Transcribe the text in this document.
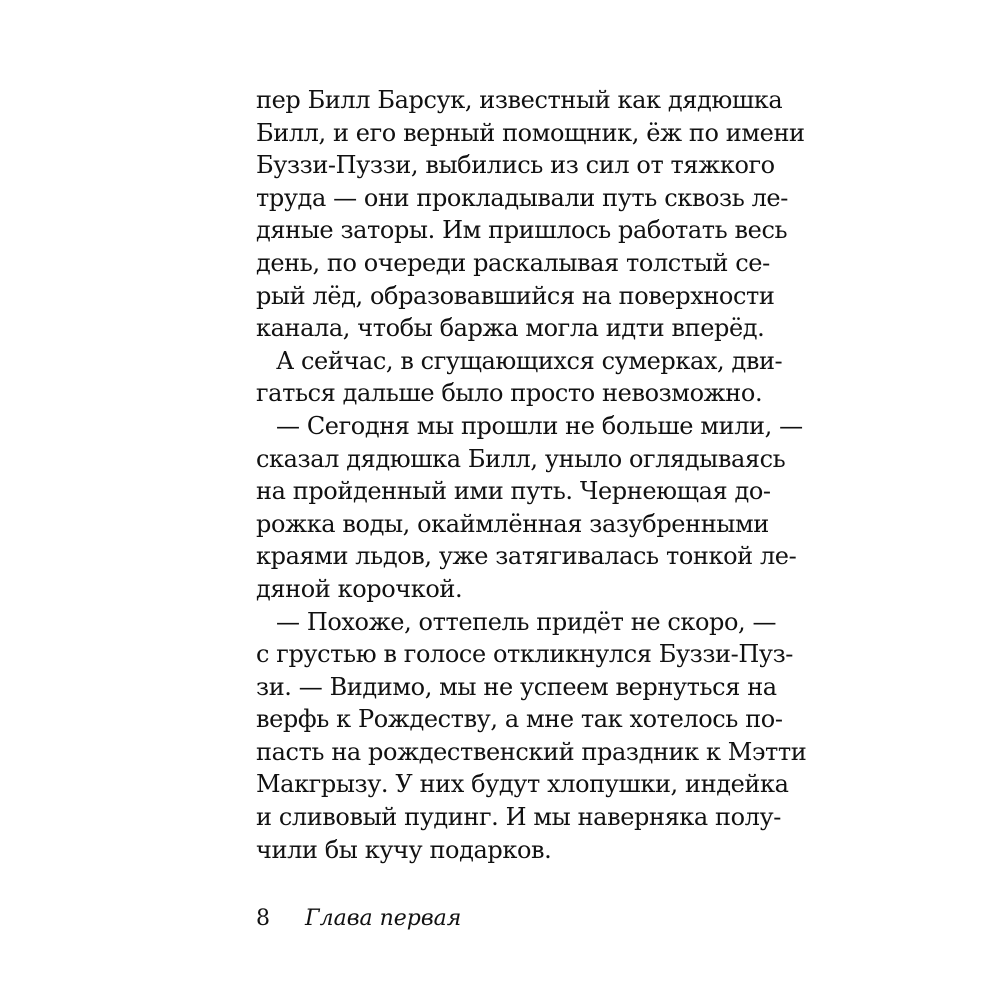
пер Билл Барсук, известный как дядюшка
Билл, и его верный помощник, ёж по имени
Буззи-Пуззи, выбились из сил от тяжкого
труда — они прокладывали путь сквозь ле-
дяные заторы. Им пришлось работать весь
день, по очереди раскалывая толстый се-
рый лёд, образовавшийся на поверхности
канала, чтобы баржа могла идти вперёд.
А сейчас, в сгущающихся сумерках, дви-
гаться дальше было просто невозможно.
— Сегодня мы прошли не больше мили, —
сказал дядюшка Билл, уныло оглядываясь
на пройденный ими путь. Чернеющая до-
рожка воды, окаймлённая зазубренными
краями льдов, уже затягивалась тонкой ле-
дяной корочкой.
— Похоже, оттепель придёт не скоро, —
с грустью в голосе откликнулся Буззи-Пуз-
зи. — Видимо, мы не успеем вернуться на
верфь к Рождеству, а мне так хотелось по-
пасть на рождественский праздник к Мэтти
Макгрызу. У них будут хлопушки, индейка
и сливовый пудинг. И мы наверняка полу-
чили бы кучу подарков.
8 Глава первая
